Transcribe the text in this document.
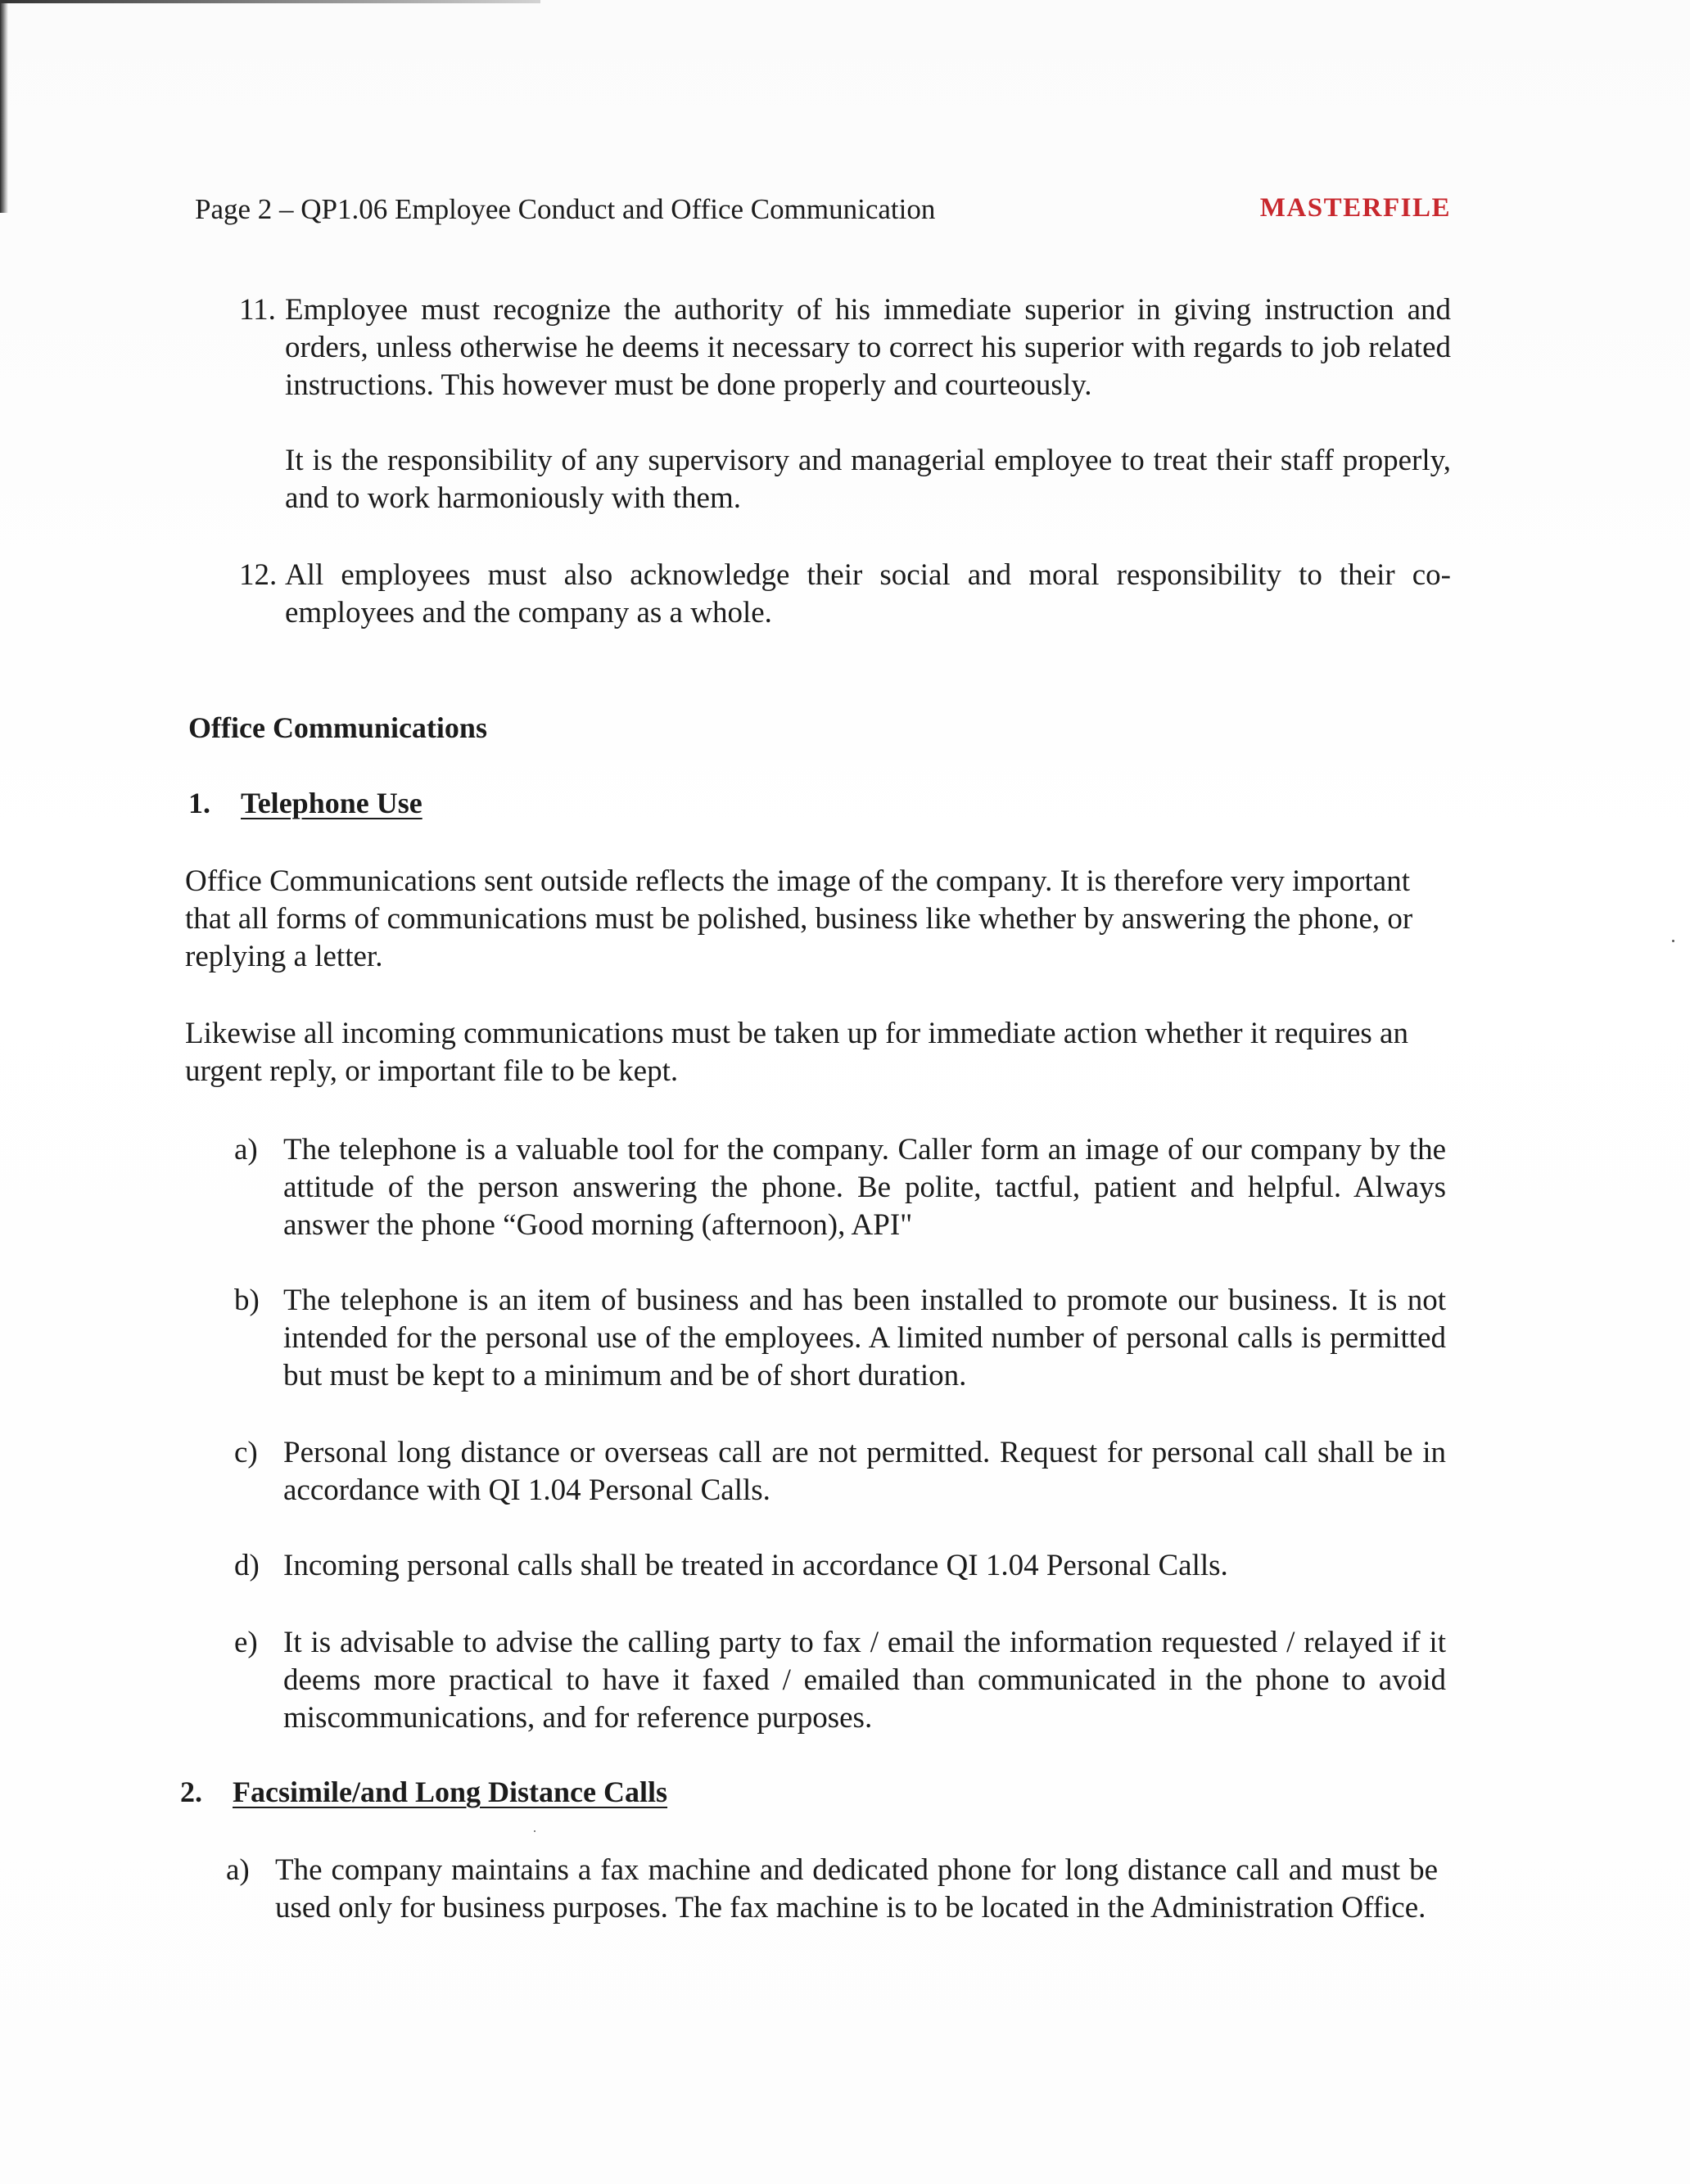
Page 2 – QP1.06 Employee Conduct and Office Communication	MASTERFILE
11. Employee must recognize the authority of his immediate superior in giving instruction and orders, unless otherwise he deems it necessary to correct his superior with regards to job related instructions. This however must be done properly and courteously.
It is the responsibility of any supervisory and managerial employee to treat their staff properly, and to work harmoniously with them.
12. All employees must also acknowledge their social and moral responsibility to their co-employees and the company as a whole.
Office Communications
1. Telephone Use
Office Communications sent outside reflects the image of the company. It is therefore very important that all forms of communications must be polished, business like whether by answering the phone, or replying a letter.
Likewise all incoming communications must be taken up for immediate action whether it requires an urgent reply, or important file to be kept.
a) The telephone is a valuable tool for the company. Caller form an image of our company by the attitude of the person answering the phone. Be polite, tactful, patient and helpful. Always answer the phone “Good morning (afternoon), API"
b) The telephone is an item of business and has been installed to promote our business. It is not intended for the personal use of the employees. A limited number of personal calls is permitted but must be kept to a minimum and be of short duration.
c) Personal long distance or overseas call are not permitted. Request for personal call shall be in accordance with QI 1.04 Personal Calls.
d) Incoming personal calls shall be treated in accordance QI 1.04 Personal Calls.
e) It is advisable to advise the calling party to fax / email the information requested / relayed if it deems more practical to have it faxed / emailed than communicated in the phone to avoid miscommunications, and for reference purposes.
2. Facsimile/and Long Distance Calls
a) The company maintains a fax machine and dedicated phone for long distance call and must be used only for business purposes. The fax machine is to be located in the Administration Office.
